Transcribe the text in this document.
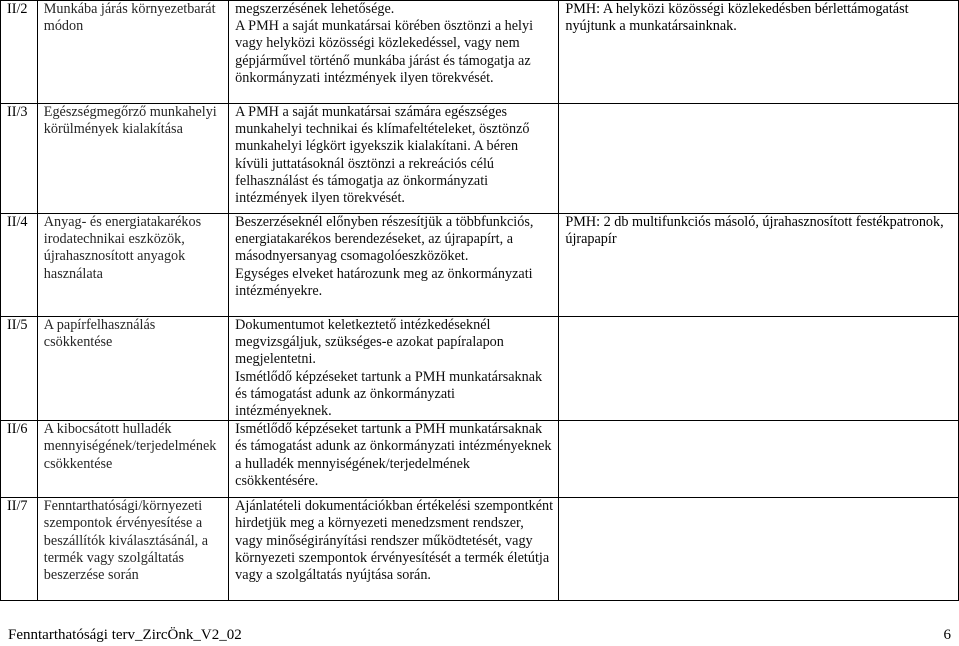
II/2	Munkába járás környezetbarát módon	megszerzésének lehetősége.
A PMH a saját munkatársai körében ösztönzi a helyi vagy helyközi közösségi közlekedéssel, vagy nem gépjárművel történő munkába járást és támogatja az önkormányzati intézmények ilyen törekvését.	PMH: A helyközi közösségi közlekedésben bérlettámogatást nyújtunk a munkatársainknak.
II/3	Egészségmegőrző munkahelyi körülmények kialakítása	A PMH a saját munkatársai számára egészséges munkahelyi technikai és klímafeltételeket, ösztönző munkahelyi légkört igyekszik kialakítani. A béren kívüli juttatásoknál ösztönzi a rekreációs célú felhasználást és támogatja az önkormányzati intézmények ilyen törekvését.	

II/4	Anyag- és energiatakarékos irodatechnikai eszközök, újrahasznosított anyagok használata	Beszerzéseknél előnyben részesítjük a többfunkciós, energiatakarékos berendezéseket, az újrapapírt, a másodnyersanyag csomagolóeszközöket.
Egységes elveket határozunk meg az önkormányzati intézményekre.	PMH: 2 db multifunkciós másoló, újrahasznosított festékpatronok, újrapapír
II/5	A papírfelhasználás csökkentése	Dokumentumot keletkeztető intézkedéseknél megvizsgáljuk, szükséges-e azokat papíralapon megjelentetni.
Ismétlődő képzéseket tartunk a PMH munkatársaknak és támogatást adunk az önkormányzati intézményeknek.	

II/6	A kibocsátott hulladék mennyiségének/terjedelmének csökkentése	Ismétlődő képzéseket tartunk a PMH munkatársaknak és támogatást adunk az önkormányzati intézményeknek a hulladék mennyiségének/terjedelmének csökkentésére.	

II/7	Fenntarthatósági/környezeti szempontok érvényesítése a beszállítók kiválasztásánál, a termék vagy szolgáltatás beszerzése során	Ajánlatételi dokumentációkban értékelési szempontként hirdetjük meg a környezeti menedzsment rendszer, vagy minőségirányítási rendszer működtetését, vagy környezeti szempontok érvényesítését a termék életútja vagy a szolgáltatás nyújtása során.	

Fenntarthatósági terv_ZircÖnk_V2_02	6
